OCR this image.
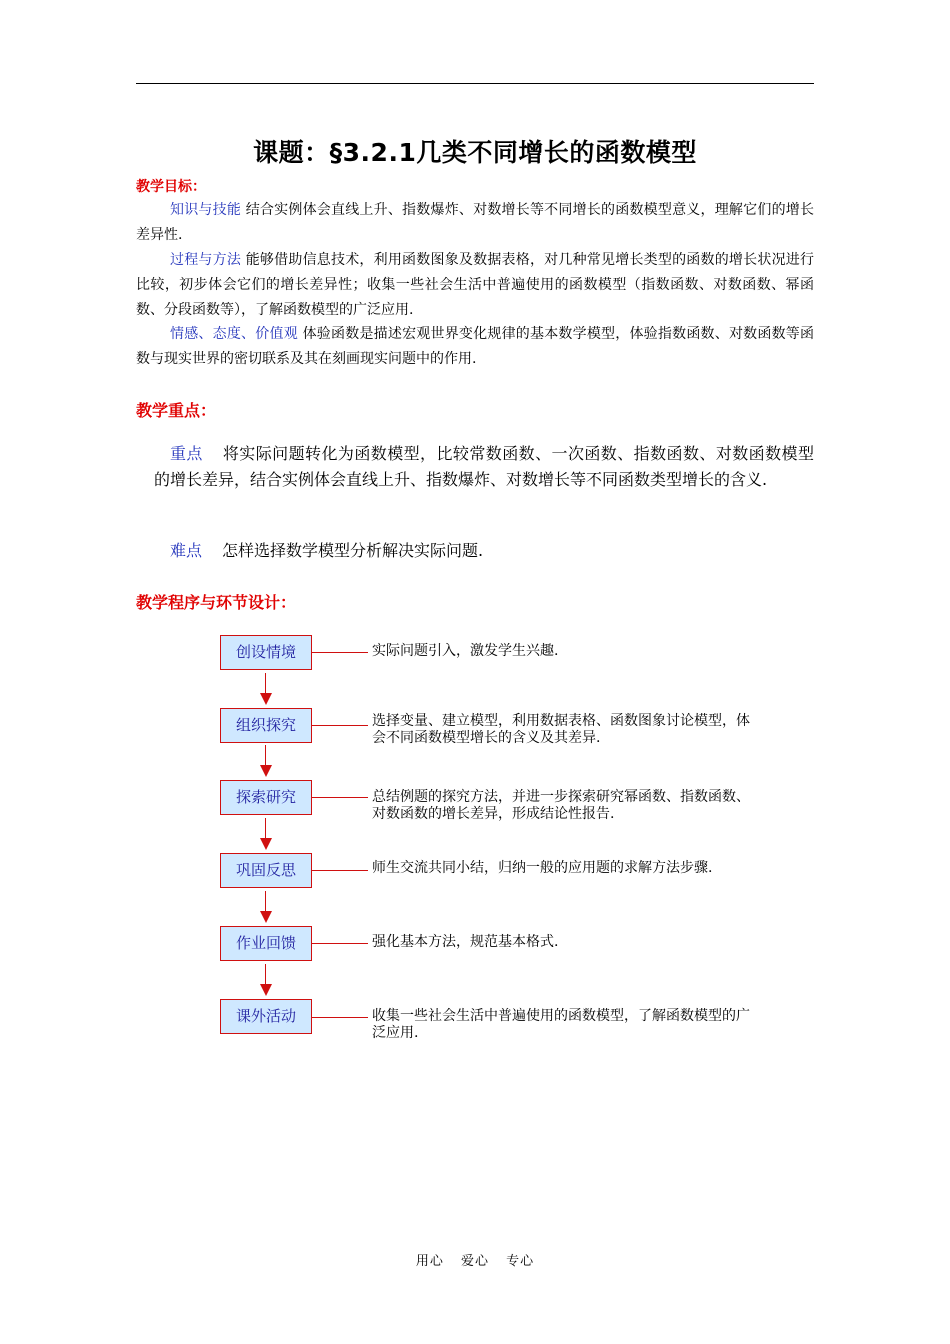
课题：§3.2.1几类不同增长的函数模型
教学目标：
知识与技能 结合实例体会直线上升、指数爆炸、对数增长等不同增长的函数模型意义，理解它们的增长差异性.
过程与方法 能够借助信息技术，利用函数图象及数据表格，对几种常见增长类型的函数的增长状况进行比较，初步体会它们的增长差异性；收集一些社会生活中普遍使用的函数模型（指数函数、对数函数、幂函数、分段函数等），了解函数模型的广泛应用.
情感、态度、价值观 体验函数是描述宏观世界变化规律的基本数学模型，体验指数函数、对数函数等函数与现实世界的密切联系及其在刻画现实问题中的作用.
教学重点：
重点 将实际问题转化为函数模型，比较常数函数、一次函数、指数函数、对数函数模型的增长差异，结合实例体会直线上升、指数爆炸、对数增长等不同函数类型增长的含义.
难点 怎样选择数学模型分析解决实际问题.
教学程序与环节设计：
创设情境	实际问题引入，激发学生兴趣.
组织探究	选择变量、建立模型，利用数据表格、函数图象讨论模型，体会不同函数模型增长的含义及其差异.
探索研究	总结例题的探究方法，并进一步探索研究幂函数、指数函数、对数函数的增长差异，形成结论性报告.
巩固反思	师生交流共同小结，归纳一般的应用题的求解方法步骤.
作业回馈	强化基本方法，规范基本格式.
课外活动	收集一些社会生活中普遍使用的函数模型，了解函数模型的广泛应用.
用心 爱心 专心
